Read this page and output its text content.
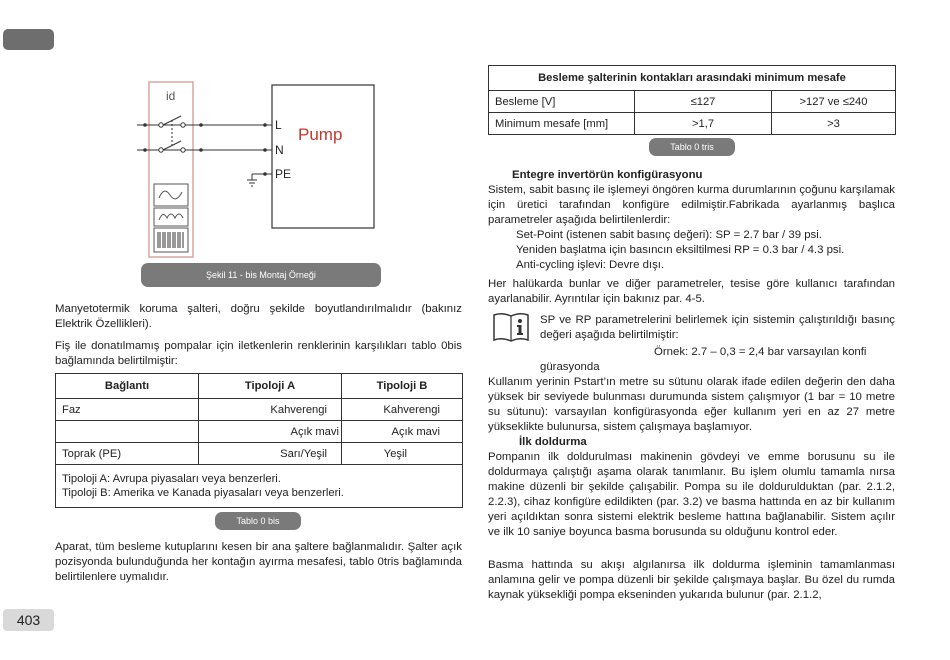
id
L
N
PE
Pump
Şekil 11 - bis Montaj Örneği

Manyetotermik koruma şalteri, doğru şekilde boyutlandırılmalıdır (bakınız Elektrik Özellikleri).

Fiş ile donatılmamış pompalar için iletkenlerin renklerinin karşılıkları tablo 0bis bağlamında belirtilmiştir:

Bağlantı	Tipoloji A	Tipoloji B
Faz	Kahverengi	Kahverengi
	Açık mavi	Açık mavi
Toprak (PE)	Sarı/Yeşil	Yeşil

Tipoloji A: Avrupa piyasaları veya benzerleri.
Tipoloji B: Amerika ve Kanada piyasaları veya benzerleri.		
Tablo 0 bis

Aparat, tüm besleme kutuplarını kesen bir ana şaltere bağlanmalıdır. Şalter açık pozisyonda bulunduğunda her kontağın ayırma mesafesi, tablo 0tris bağlamında belirtilenlere uymalıdır.

403
Besleme şalterinin kontakları arasındaki minimum mesafe		
Besleme [V]	≤127	>127 ve ≤240
Minimum mesafe [mm]	>1,7	>3
Tablo 0 tris
Entegre invertörün konfigürasyonu

Sistem, sabit basınç ile işlemeyi öngören kurma durumlarının çoğunu karşılamak için üretici tarafından konfigüre edilmiştir.Fabrikada ayarlanmış başlıca parametreler aşağıda belirtilenlerdir:

Set-Point (istenen sabit basınç değeri): SP = 2.7 bar / 39 psi.
Yeniden başlatma için basıncın eksiltilmesi RP = 0.3 bar / 4.3 psi.
Anti-cycling işlevi: Devre dışı.

Her halükarda bunlar ve diğer parametreler, tesise göre kullanıcı tarafından ayarlanabilir. Ayrıntılar için bakınız par. 4-5.

SP ve RP parametrelerini belirlemek için sistemin çalıştırıldığı basınç değeri aşağıda belirtilmiştir:

Örnek: 2.7 – 0,3 = 2,4 bar varsayılan konfi
gürasyonda

Kullanım yerinin Pstart’ın metre su sütunu olarak ifade edilen değerin den daha yüksek bir seviyede bulunması durumunda sistem çalışmıyor (1 bar = 10 metre su sütunu): varsayılan konfigürasyonda eğer kullanım yeri en az 27 metre yükseklikte bulunursa, sistem çalışmaya başlamıyor.

İlk doldurma

Pompanın ilk doldurulması makinenin gövdeyi ve emme borusunu su ile doldurmaya çalıştığı aşama olarak tanımlanır. Bu işlem olumlu tamamla nırsa makine düzenli bir şekilde çalışabilir. Pompa su ile doldurulduktan (par. 2.1.2, 2.2.3), cihaz konfigüre edildikten (par. 3.2) ve basma hattında en az bir kullanım yeri açıldıktan sonra sistemi elektrik besleme hattına bağlanabilir. Sistem açılır ve ilk 10 saniye boyunca basma borusunda su olduğunu kontrol eder.

Basma hattında su akışı algılanırsa ilk doldurma işleminin tamamlanması anlamına gelir ve pompa düzenli bir şekilde çalışmaya başlar. Bu özel du rumda kaynak yüksekliği pompa ekseninden yukarıda bulunur (par. 2.1.2,
